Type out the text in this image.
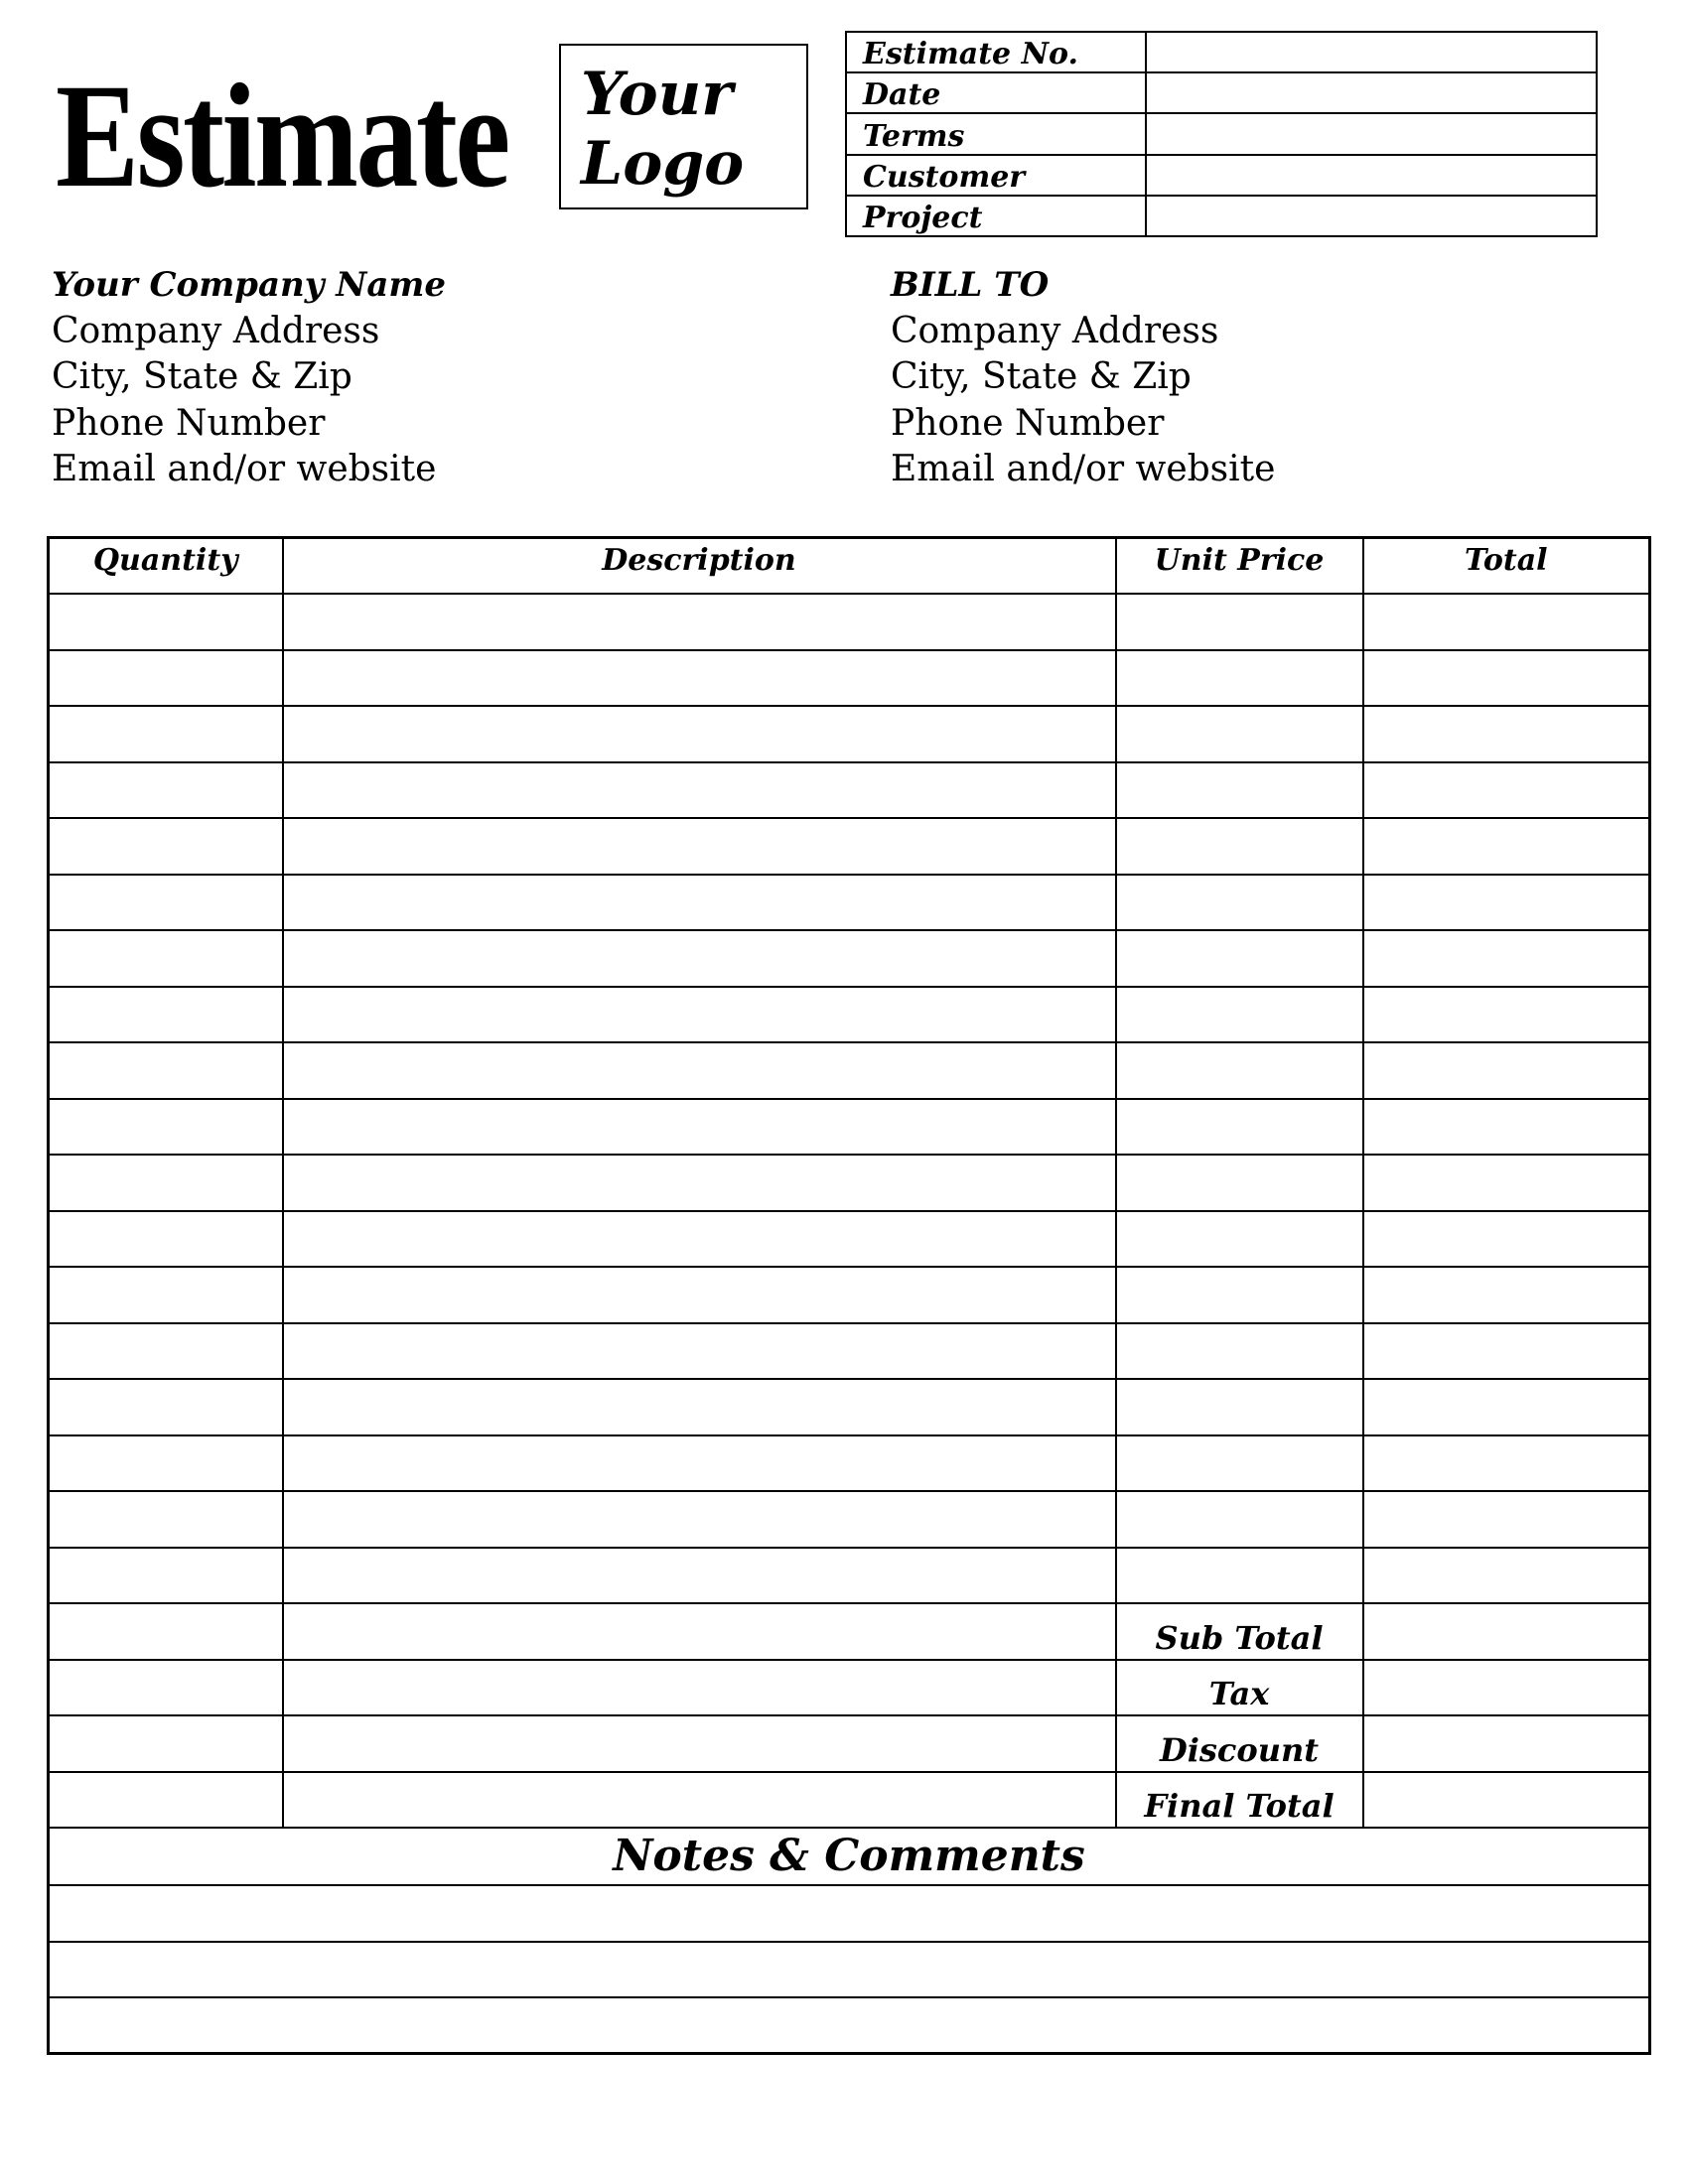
Estimate Your
Logo
Estimate No.	
Date	
Terms	
Customer	
Project	
Your Company Name
Company Address
City, State & Zip
Phone Number
Email and/or website
BILL TO
Company Address
City, State & Zip
Phone Number
Email and/or website
Quantity	Description	Unit Price	Total

		Sub Total	
		Tax	
		Discount	
		Final Total	
Notes & Comments			
